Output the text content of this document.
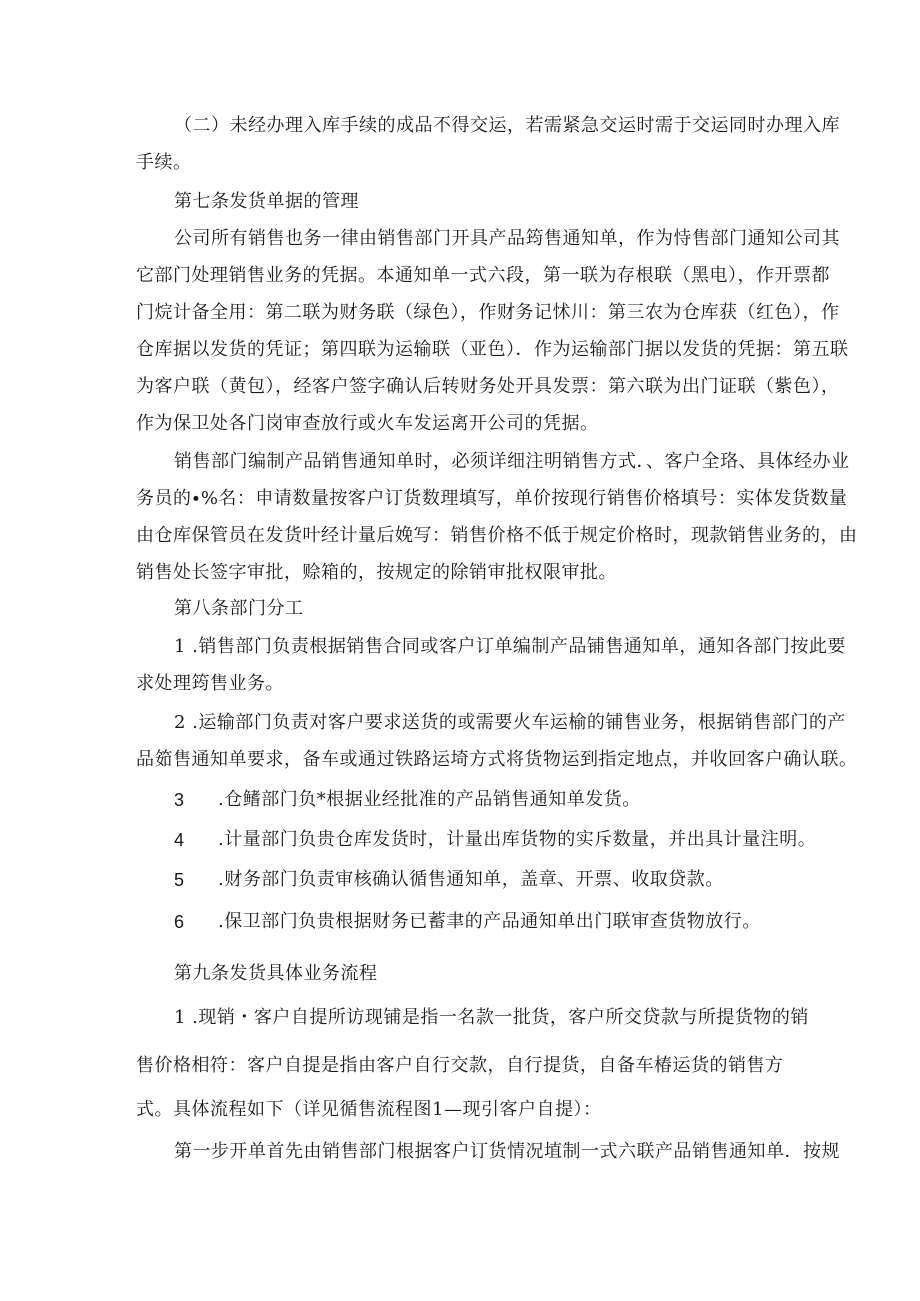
（二）未经办理入库手续的成品不得交运，若需紧急交运时需于交运同时办理入库
手续。
第七条发货单据的管理
公司所有销售也务一律由销售部门开具产品筠售通知单，作为恃售部门通知公司其
它部门处理销售业务的凭据。本通知单一式六段，第一联为存根联（黑电），作开票都
门烷计备全用：第二联为财务联（绿色），作财务记怵川：第三农为仓库获（红色），作
仓库据以发货的凭证；第四联为运输联（亚色）．作为运输部门据以发货的凭据：第五联
为客户联（黄包），经客户签字确认后转财务处开具发票：第六联为出门证联（紫色），
作为保卫处各门岗审查放行或火车发运离开公司的凭据。
销售部门编制产品销售通知单时，必须详细注明销售方式．、客户全珞、具体经办业
务员的∙%名：申请数量按客户订货数理填写，单价按现行销售价格填号：实体发货数量
由仓库保管员在发货叶经计量后娩写：销售价格不低于规定价格时，现款销售业务的，由
销售处长签字审批，赊箱的，按规定的除销审批权限审批。
第八条部门分工
1 .销售部门负责根据销售合同或客户订单编制产品铺售通知单，通知各部门按此要
求处理筠售业务。
2 .运输部门负责对客户要求送货的或需要火车运榆的铺售业务，根据销售部门的产
品筎售通知单要求，备车或通过铁路运埼方式将货物运到指定地点，并收回客户确认联。
3 .仓鳍部门负*根据业经批准的产品销售通知单发货。
4 .计量部门负贵仓库发货时，计量出库货物的实斥数量，并出具计量注明。
5 .财务部门负责审核确认循售通知单，盖章、开票、收取贷款。
6 .保卫部门负贵根据财务已蓄聿的产品通知单出门联审查货物放行。
第九条发货具体业务流程
1 .现销・客户自提所访现铺是指一名款一批货，客户所交贷款与所提货物的销
售价格相符：客户自提是指由客户自行交款，自行提货，自备车椿运货的销售方
式。具体流程如下（详见循售流程图1—现引客户自提）：
第一步开单首先由销售部门根据客户订货情况埴制一式六联产品销售通知单．按规
